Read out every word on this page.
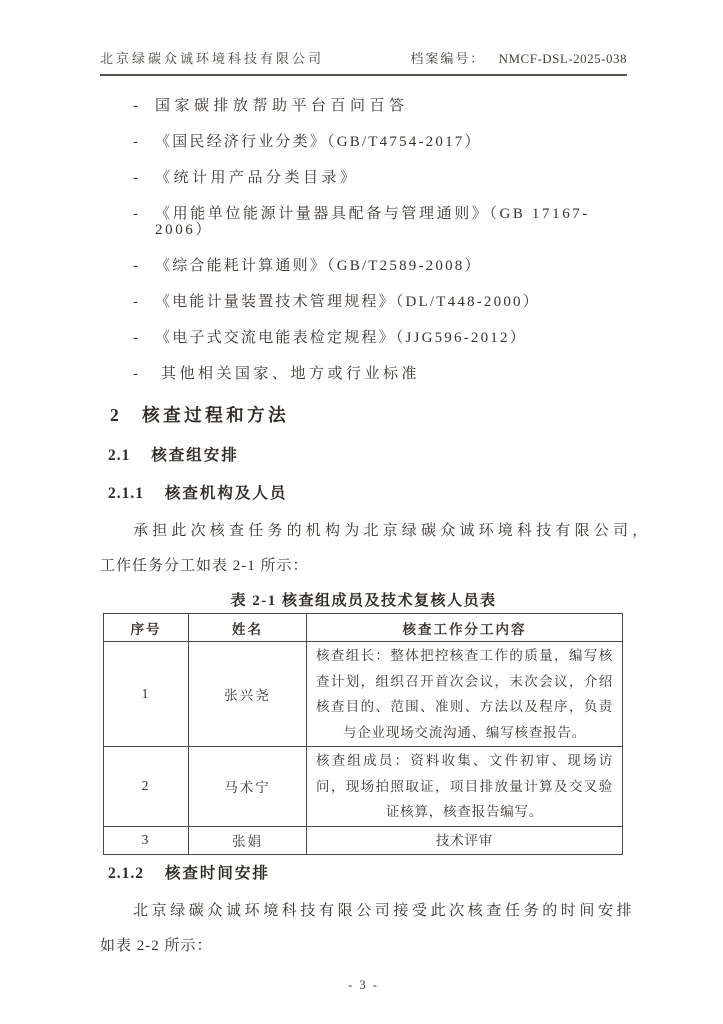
北京绿碳众诚环境科技有限公司	档案编号： NMCF-DSL-2025-038
- 国家碳排放帮助平台百问百答
- 《国民经济行业分类》（GB/T4754-2017）
- 《统计用产品分类目录》
- 《用能单位能源计量器具配备与管理通则》（GB 17167-2006）
- 《综合能耗计算通则》（GB/T2589-2008）
- 《电能计量装置技术管理规程》（DL/T448-2000）
- 《电子式交流电能表检定规程》（JJG596-2012）
-	其他相关国家、地方或行业标准
2 核查过程和方法
2.1 核查组安排
2.1.1 核查机构及人员
承担此次核查任务的机构为北京绿碳众诚环境科技有限公司，
工作任务分工如表 2-1 所示：
表 2-1 核查组成员及技术复核人员表
序号	姓名	核查工作分工内容
1	张兴尧	核查组长：整体把控核查工作的质量，编写核查计划，组织召开首次会议，末次会议，介绍核查目的、范围、准则、方法以及程序，负责与企业现场交流沟通、编写核查报告。
2	马术宁	核查组成员：资料收集、文件初审、现场访问，现场拍照取证，项目排放量计算及交叉验证核算，核查报告编写。
3	张娟	技术评审
2.1.2 核查时间安排
北京绿碳众诚环境科技有限公司接受此次核查任务的时间安排
如表 2-2 所示：
- 3 -
